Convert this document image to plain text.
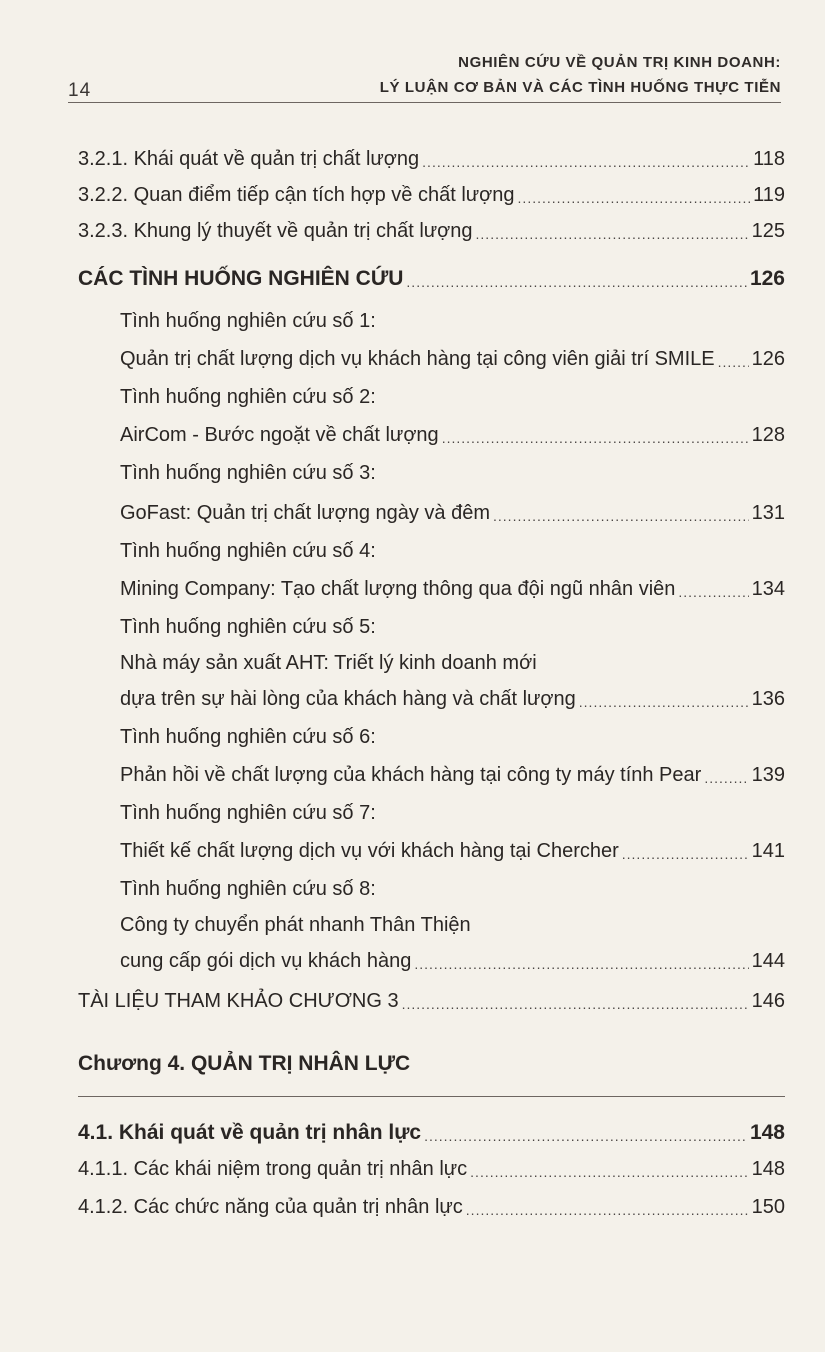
14
NGHIÊN CỨU VỀ QUẢN TRỊ KINH DOANH:
LÝ LUẬN CƠ BẢN VÀ CÁC TÌNH HUỐNG THỰC TIỄN
3.2.1. Khái quát về quản trị chất lượng .....	118
3.2.2. Quan điểm tiếp cận tích hợp về chất lượng .....	119
3.2.3. Khung lý thuyết về quản trị chất lượng .....	125
CÁC TÌNH HUỐNG NGHIÊN CỨU .....	126
Tình huống nghiên cứu số 1:
Quản trị chất lượng dịch vụ khách hàng tại công viên giải trí SMILE ..... 126
Tình huống nghiên cứu số 2:
AirCom - Bước ngoặt về chất lượng .....	128
Tình huống nghiên cứu số 3:
GoFast: Quản trị chất lượng ngày và đêm .....	131
Tình huống nghiên cứu số 4:
Mining Company: Tạo chất lượng thông qua đội ngũ nhân viên .....	134
Tình huống nghiên cứu số 5:
Nhà máy sản xuất AHT: Triết lý kinh doanh mới
dựa trên sự hài lòng của khách hàng và chất lượng .....	136
Tình huống nghiên cứu số 6:
Phản hồi về chất lượng của khách hàng tại công ty máy tính Pear .....	139
Tình huống nghiên cứu số 7:
Thiết kế chất lượng dịch vụ với khách hàng tại Chercher .....	141
Tình huống nghiên cứu số 8:
Công ty chuyển phát nhanh Thân Thiện
cung cấp gói dịch vụ khách hàng .....	144
TÀI LIỆU THAM KHẢO CHƯƠNG 3 .....	146
Chương 4. QUẢN TRỊ NHÂN LỰC
4.1. Khái quát về quản trị nhân lực .....	148
4.1.1. Các khái niệm trong quản trị nhân lực .....	148
4.1.2. Các chức năng của quản trị nhân lực .....	150
